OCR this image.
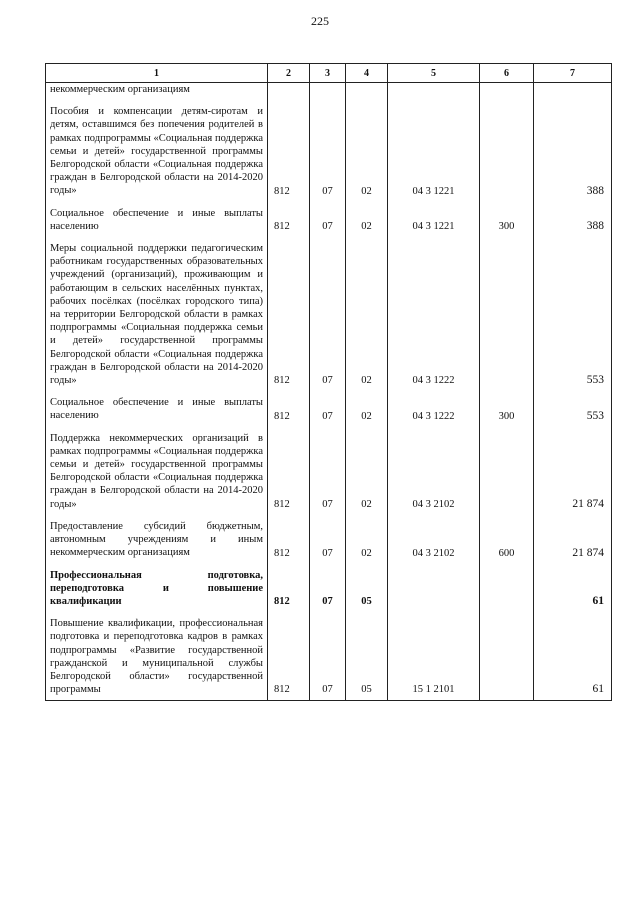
225
1	2	3	4	5	6	7
некоммерческим организациям						
Пособия и компенсации детям-сиротам и детям, оставшимся без попечения родителей в рамках подпрограммы «Социальная поддержка семьи и детей» государственной программы Белгородской области «Социальная поддержка граждан в Белгородской области на 2014-2020 годы»	812	07	02	04 3 1221		388
Социальное обеспечение и иные выплаты населению	812	07	02	04 3 1221	300	388
Меры социальной поддержки педагогическим работникам государственных образовательных учреждений (организаций), проживающим и работающим в сельских населённых пунктах, рабочих посёлках (посёлках городского типа) на территории Белгородской области в рамках подпрограммы «Социальная поддержка семьи и детей» государственной программы Белгородской области «Социальная поддержка граждан в Белгородской области на 2014-2020 годы»	812	07	02	04 3 1222		553
Социальное обеспечение и иные выплаты населению	812	07	02	04 3 1222	300	553
Поддержка некоммерческих организаций в рамках подпрограммы «Социальная поддержка семьи и детей» государственной программы Белгородской области «Социальная поддержка граждан в Белгородской области на 2014-2020 годы»	812	07	02	04 3 2102		21 874
Предоставление субсидий бюджетным, автономным учреждениям и иным некоммерческим организациям	812	07	02	04 3 2102	600	21 874
Профессиональная подготовка, переподготовка и повышение квалификации	812	07	05			61
Повышение квалификации, профессиональная подготовка и переподготовка кадров в рамках подпрограммы «Развитие государственной гражданской и муниципальной службы Белгородской области» государственной программы	812	07	05	15 1 2101		61
